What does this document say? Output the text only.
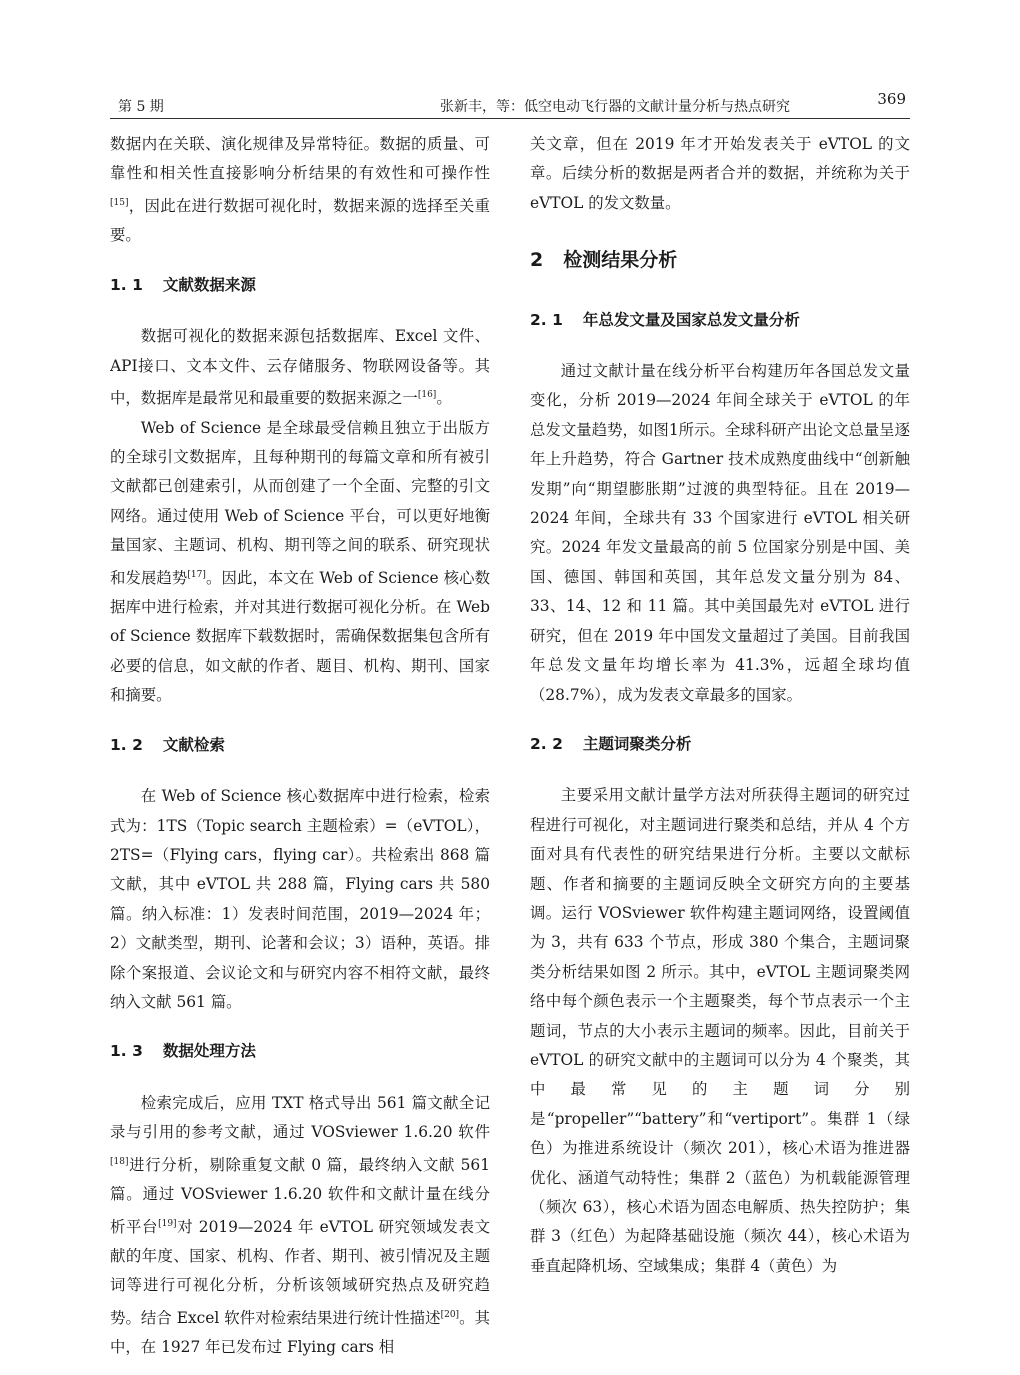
第 5 期	张新丰，等：低空电动飞行器的文献计量分析与热点研究	369

数据内在关联、演化规律及异常特征。数据的质量、可靠性和相关性直接影响分析结果的有效性和可操作性[15]，因此在进行数据可视化时，数据来源的选择至关重要。

1. 1 文献数据来源

数据可视化的数据来源包括数据库、Excel 文件、API接口、文本文件、云存储服务、物联网设备等。其中，数据库是最常见和最重要的数据来源之一[16]。

Web of Science 是全球最受信赖且独立于出版方的全球引文数据库，且每种期刊的每篇文章和所有被引文献都已创建索引，从而创建了一个全面、完整的引文网络。通过使用 Web of Science 平台，可以更好地衡量国家、主题词、机构、期刊等之间的联系、研究现状和发展趋势[17]。因此，本文在 Web of Science 核心数据库中进行检索，并对其进行数据可视化分析。在 Web of Science 数据库下载数据时，需确保数据集包含所有必要的信息，如文献的作者、题目、机构、期刊、国家和摘要。

1. 2 文献检索

在 Web of Science 核心数据库中进行检索，检索式为：1TS（Topic search 主题检索）=（eVTOL），2TS=（Flying cars，flying car）。共检索出 868 篇文献，其中 eVTOL 共 288 篇，Flying cars 共 580 篇。纳入标准：1）发表时间范围，2019—2024 年；2）文献类型，期刊、论著和会议；3）语种，英语。排除个案报道、会议论文和与研究内容不相符文献，最终纳入文献 561 篇。

1. 3 数据处理方法

检索完成后，应用 TXT 格式导出 561 篇文献全记录与引用的参考文献，通过 VOSviewer 1.6.20 软件[18]进行分析，剔除重复文献 0 篇，最终纳入文献 561 篇。通过 VOSviewer 1.6.20 软件和文献计量在线分析平台[19]对 2019—2024 年 eVTOL 研究领域发表文献的年度、国家、机构、作者、期刊、被引情况及主题词等进行可视化分析，分析该领域研究热点及研究趋势。结合 Excel 软件对检索结果进行统计性描述[20]。其中，在 1927 年已发布过 Flying cars 相

关文章，但在 2019 年才开始发表关于 eVTOL 的文章。后续分析的数据是两者合并的数据，并统称为关于 eVTOL 的发文数量。

2 检测结果分析
2. 1 年总发文量及国家总发文量分析

通过文献计量在线分析平台构建历年各国总发文量变化，分析 2019—2024 年间全球关于 eVTOL 的年总发文量趋势，如图1所示。全球科研产出论文总量呈逐年上升趋势，符合 Gartner 技术成熟度曲线中“创新触发期”向“期望膨胀期”过渡的典型特征。且在 2019—2024 年间，全球共有 33 个国家进行 eVTOL 相关研究。2024 年发文量最高的前 5 位国家分别是中国、美国、德国、韩国和英国，其年总发文量分别为 84、33、14、12 和 11 篇。其中美国最先对 eVTOL 进行研究，但在 2019 年中国发文量超过了美国。目前我国年总发文量年均增长率为 41.3%，远超全球均值（28.7%），成为发表文章最多的国家。

2. 2 主题词聚类分析

主要采用文献计量学方法对所获得主题词的研究过程进行可视化，对主题词进行聚类和总结，并从 4 个方面对具有代表性的研究结果进行分析。主要以文献标题、作者和摘要的主题词反映全文研究方向的主要基调。运行 VOSviewer 软件构建主题词网络，设置阈值为 3，共有 633 个节点，形成 380 个集合，主题词聚类分析结果如图 2 所示。其中，eVTOL 主题词聚类网络中每个颜色表示一个主题聚类，每个节点表示一个主题词，节点的大小表示主题词的频率。因此，目前关于 eVTOL 的研究文献中的主题词可以分为 4 个聚类，其中最常见的主题词分别是“propeller”“battery”和“vertiport”。集群 1（绿色）为推进系统设计（频次 201），核心术语为推进器优化、涵道气动特性；集群 2（蓝色）为机载能源管理（频次 63），核心术语为固态电解质、热失控防护；集群 3（红色）为起降基础设施（频次 44），核心术语为垂直起降机场、空域集成；集群 4（黄色）为
